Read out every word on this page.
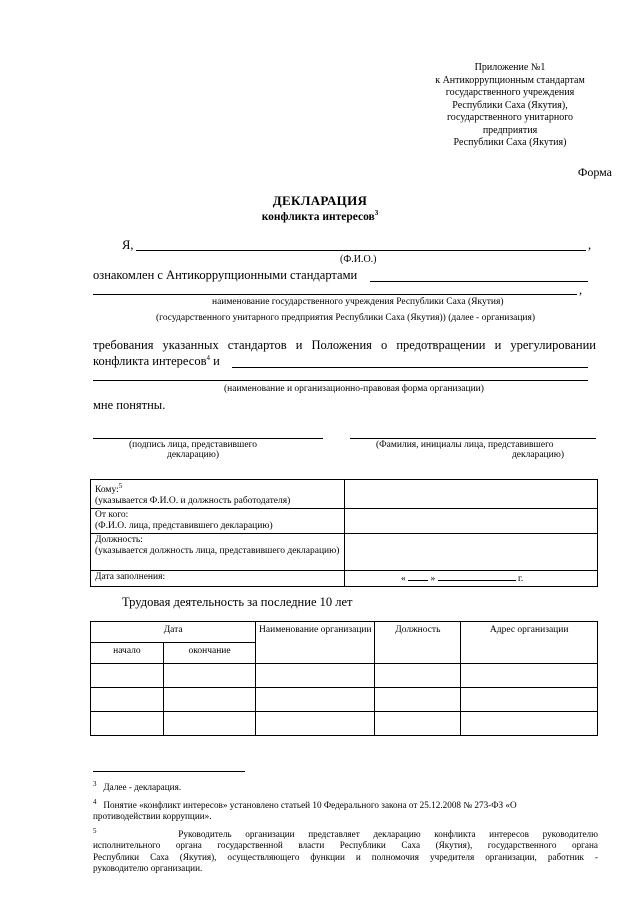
Приложение №1
к Антикоррупционным стандартам
государственного учреждения
Республики Саха (Якутия),
государственного унитарного
предприятия
Республики Саха (Якутия)
Форма
ДЕКЛАРАЦИЯ
конфликта интересов$^3$
Я,	,
(Ф.И.О.)
ознакомлен с Антикоррупционными стандартами
,
наименование государственного учреждения Республики Саха (Якутия)
(государственного унитарного предприятия Республики Саха (Якутия)) (далее - организация)
требования указанных стандартов и Положения о предотвращении и урегулировании
конфликта интересов$^4$ и
(наименование и организационно-правовая форма организации)
мне понятны.
(подпись лица, представившего
декларацию)
(Фамилия, инициалы лица, представившего
декларацию)
Кому:$^5$
(указывается Ф.И.О. и должность работодателя)	
От кого:
(Ф.И.О. лица, представившего декларацию)	
Должность:
(указывается должность лица, представившего декларацию)	
Дата заполнения:	« » г.
Трудовая деятельность за последние 10 лет
Дата		Наименование организации	Должность	Адрес организации
начало	окончание			

$^3$ Далее - декларация.
$^4$ Понятие «конфликт интересов» установлено статьей 10 Федерального закона от 25.12.2008 № 273-ФЗ «О
противодействии коррупции».
$^5$	Руководитель организации представляет декларацию конфликта интересов руководителю
исполнительного органа государственной власти Республики Саха (Якутия), государственного органа
Республики Саха (Якутия), осуществляющего функции и полномочия учредителя организации, работник -
руководителю организации.
